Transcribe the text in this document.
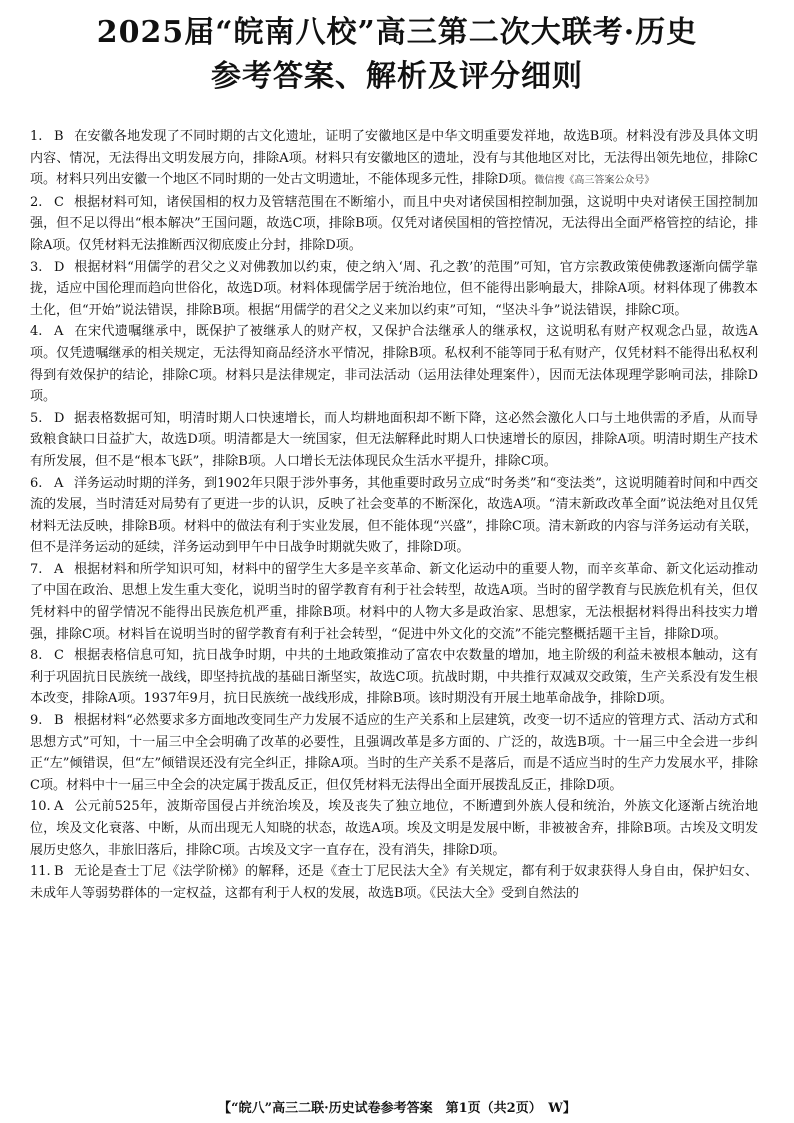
2025届“皖南八校”高三第二次大联考·历史
参考答案、解析及评分细则

1. B 在安徽各地发现了不同时期的古文化遗址，证明了安徽地区是中华文明重要发祥地，故选B项。材料没有涉及具体文明内容、情况，无法得出文明发展方向，排除A项。材料只有安徽地区的遗址，没有与其他地区对比，无法得出领先地位，排除C项。材料只列出安徽一个地区不同时期的一处古文明遗址，不能体现多元性，排除D项。微信搜《高三答案公众号》

2. C 根据材料可知，诸侯国相的权力及管辖范围在不断缩小，而且中央对诸侯国相控制加强，这说明中央对诸侯王国控制加强，但不足以得出“根本解决”王国问题，故选C项，排除B项。仅凭对诸侯国相的管控情况，无法得出全面严格管控的结论，排除A项。仅凭材料无法推断西汉彻底废止分封，排除D项。

3. D 根据材料“用儒学的君父之义对佛教加以约束，使之纳入‘周、孔之教’的范围”可知，官方宗教政策使佛教逐渐向儒学靠拢，适应中国伦理而趋向世俗化，故选D项。材料体现儒学居于统治地位，但不能得出影响最大，排除A项。材料体现了佛教本土化，但“开始”说法错误，排除B项。根据“用儒学的君父之义来加以约束”可知，“坚决斗争”说法错误，排除C项。

4. A 在宋代遗嘱继承中，既保护了被继承人的财产权，又保护合法继承人的继承权，这说明私有财产权观念凸显，故选A项。仅凭遗嘱继承的相关规定，无法得知商品经济水平情况，排除B项。私权利不能等同于私有财产，仅凭材料不能得出私权利得到有效保护的结论，排除C项。材料只是法律规定，非司法活动（运用法律处理案件），因而无法体现理学影响司法，排除D项。

5. D 据表格数据可知，明清时期人口快速增长，而人均耕地面积却不断下降，这必然会激化人口与土地供需的矛盾，从而导致粮食缺口日益扩大，故选D项。明清都是大一统国家，但无法解释此时期人口快速增长的原因，排除A项。明清时期生产技术有所发展，但不是“根本飞跃”，排除B项。人口增长无法体现民众生活水平提升，排除C项。

6. A 洋务运动时期的洋务，到1902年只限于涉外事务，其他重要时政另立成“时务类”和“变法类”，这说明随着时间和中西交流的发展，当时清廷对局势有了更进一步的认识，反映了社会变革的不断深化，故选A项。“清末新政改革全面”说法绝对且仅凭材料无法反映，排除B项。材料中的做法有利于实业发展，但不能体现“兴盛”，排除C项。清末新政的内容与洋务运动有关联，但不是洋务运动的延续，洋务运动到甲午中日战争时期就失败了，排除D项。

7. A 根据材料和所学知识可知，材料中的留学生大多是辛亥革命、新文化运动中的重要人物，而辛亥革命、新文化运动推动了中国在政治、思想上发生重大变化，说明当时的留学教育有利于社会转型，故选A项。当时的留学教育与民族危机有关，但仅凭材料中的留学情况不能得出民族危机严重，排除B项。材料中的人物大多是政治家、思想家，无法根据材料得出科技实力增强，排除C项。材料旨在说明当时的留学教育有利于社会转型，“促进中外文化的交流”不能完整概括题干主旨，排除D项。

8. C 根据表格信息可知，抗日战争时期，中共的土地政策推动了富农中农数量的增加，地主阶级的利益未被根本触动，这有利于巩固抗日民族统一战线，即坚持抗战的基础日渐坚实，故选C项。抗战时期，中共推行双减双交政策，生产关系没有发生根本改变，排除A项。1937年9月，抗日民族统一战线形成，排除B项。该时期没有开展土地革命战争，排除D项。

9. B 根据材料“必然要求多方面地改变同生产力发展不适应的生产关系和上层建筑，改变一切不适应的管理方式、活动方式和思想方式”可知，十一届三中全会明确了改革的必要性，且强调改革是多方面的、广泛的，故选B项。十一届三中全会进一步纠正“左”倾错误，但“左”倾错误还没有完全纠正，排除A项。当时的生产关系不是落后，而是不适应当时的生产力发展水平，排除C项。材料中十一届三中全会的决定属于拨乱反正，但仅凭材料无法得出全面开展拨乱反正，排除D项。

10. A 公元前525年，波斯帝国侵占并统治埃及，埃及丧失了独立地位，不断遭到外族人侵和统治，外族文化逐渐占统治地位，埃及文化衰落、中断，从而出现无人知晓的状态，故选A项。埃及文明是发展中断，非被被舍弃，排除B项。古埃及文明发展历史悠久，非旅旧落后，排除C项。古埃及文字一直存在，没有消失，排除D项。

11. B 无论是查士丁尼《法学阶梯》的解释，还是《查士丁尼民法大全》有关规定，都有利于奴隶获得人身自由，保护妇女、未成年人等弱势群体的一定权益，这都有利于人权的发展，故选B项。《民法大全》受到自然法的

【“皖八”高三二联·历史试卷参考答案　第1页（共2页）　W】
